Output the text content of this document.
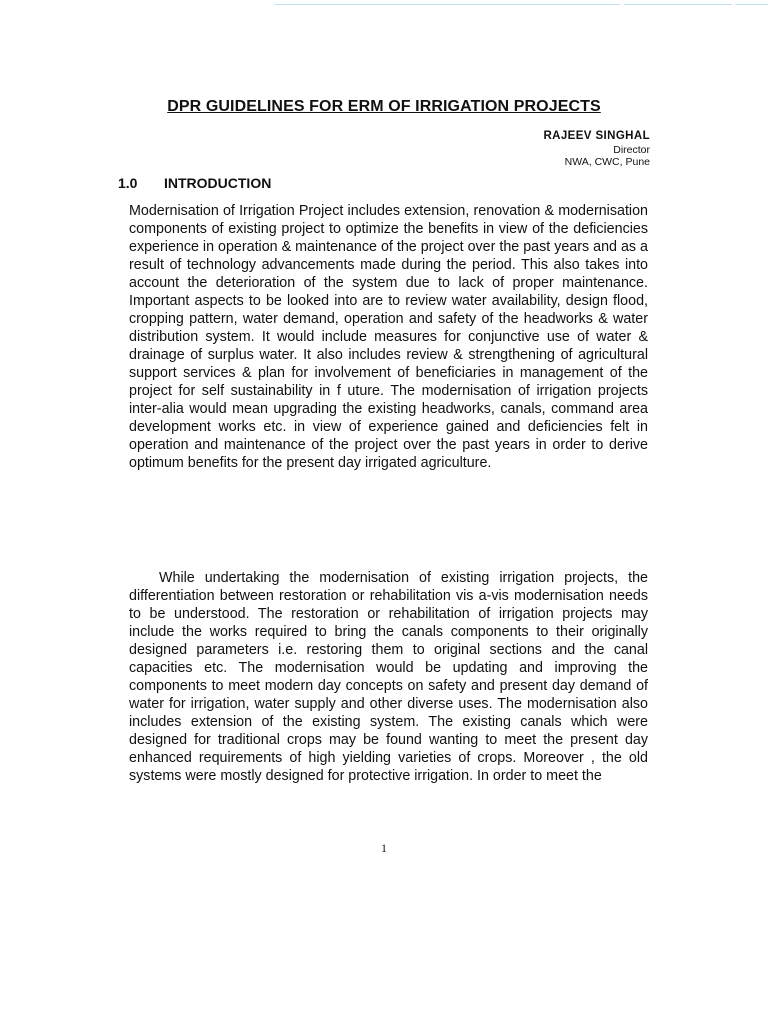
DPR GUIDELINES FOR ERM OF IRRIGATION PROJECTS
RAJEEV SINGHAL
Director
NWA, CWC, Pune
1.0 INTRODUCTION

Modernisation of Irrigation Project includes extension, renovation & modernisation components of existing project to optimize the benefits in view of the deficiencies experience in operation & maintenance of the project over the past years and as a result of technology advancements made during the period. This also takes into account the deterioration of the system due to lack of proper maintenance. Important aspects to be looked into are to review water availability, design flood, cropping pattern, water demand, operation and safety of the headworks & water distribution system. It would include measures for conjunctive use of water & drainage of surplus water. It also includes review & strengthening of agricultural support services & plan for involvement of beneficiaries in management of the project for self sustainability in f uture. The modernisation of irrigation projects inter-alia would mean upgrading the existing headworks, canals, command area development works etc. in view of experience gained and deficiencies felt in operation and maintenance of the project over the past years in order to derive optimum benefits for the present day irrigated agriculture.

While undertaking the modernisation of existing irrigation projects, the differentiation between restoration or rehabilitation vis a-vis modernisation needs to be understood. The restoration or rehabilitation of irrigation projects may include the works required to bring the canals components to their originally designed parameters i.e. restoring them to original sections and the canal capacities etc. The modernisation would be updating and improving the components to meet modern day concepts on safety and present day demand of water for irrigation, water supply and other diverse uses. The modernisation also includes extension of the existing system. The existing canals which were designed for traditional crops may be found wanting to meet the present day enhanced requirements of high yielding varieties of crops. Moreover , the old systems were mostly designed for protective irrigation. In order to meet the

1
